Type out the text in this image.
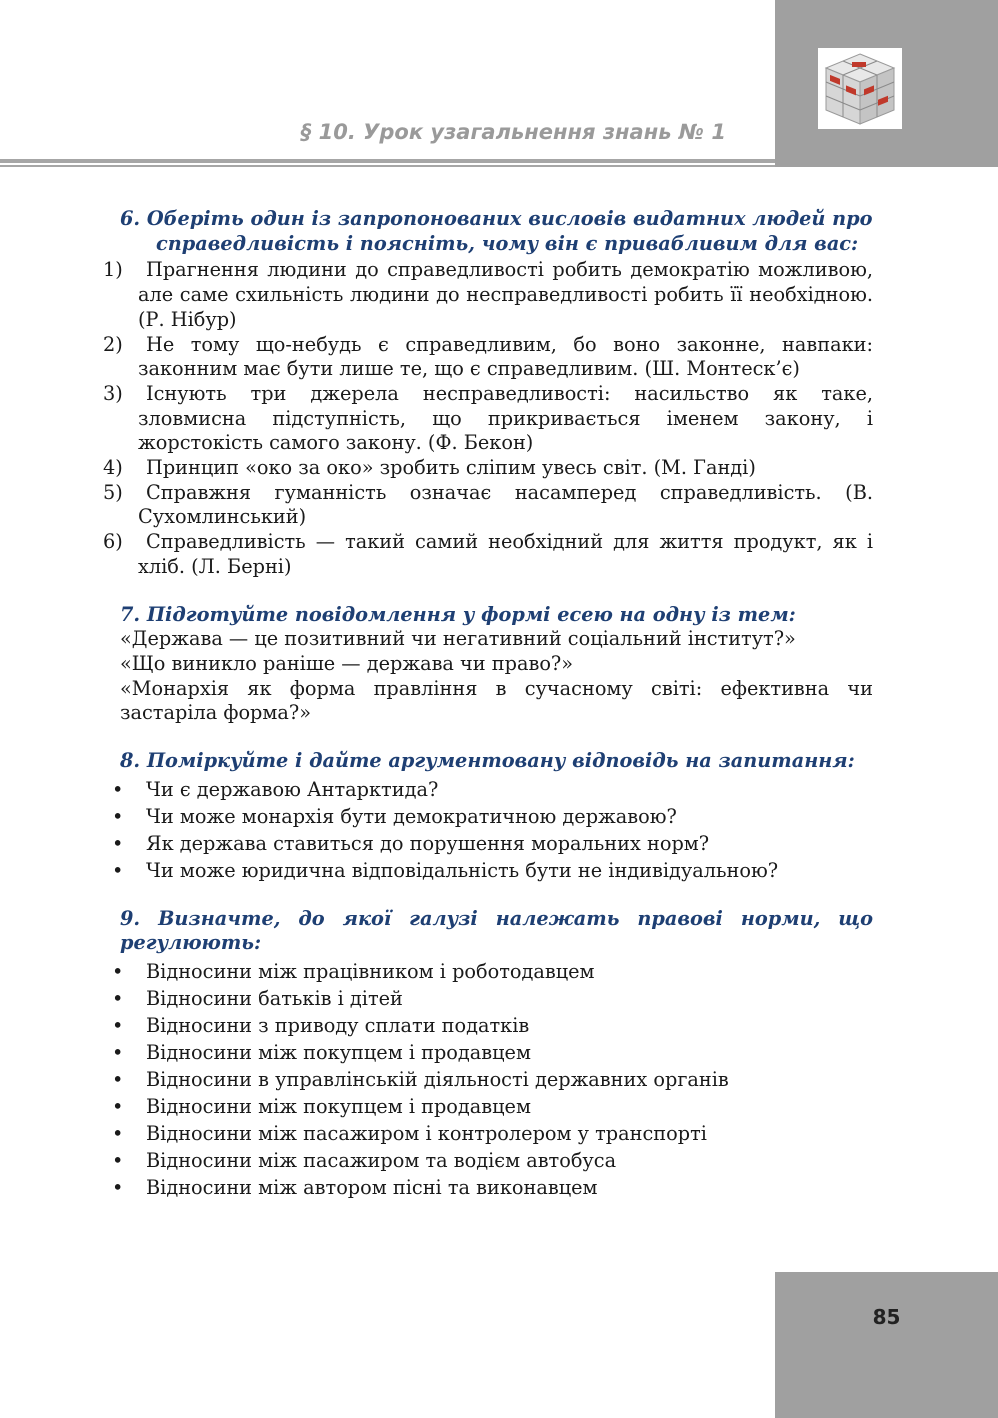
§ 10. Урок узагальнення знань № 1
6. Оберіть один із запропонованих висловів видатних людей про
справедливість і поясніть, чому він є привабливим для вас:
1) Прагнення людини до справедливості робить демократію можливою, але саме схильність людини до несправедливості робить її необхідною. (Р. Нібур)
2) Не тому що-небудь є справедливим, бо воно законне, навпаки: законним має бути лише те, що є справедливим. (Ш. Монтеск’є)
3) Існують три джерела несправедливості: насильство як таке, зловмисна підступність, що прикривається іменем закону, і жорстокість самого закону. (Ф. Бекон)
4) Принцип «око за око» зробить сліпим увесь світ. (М. Ганді)
5) Справжня гуманність означає насамперед справедливість. (В. Сухомлинський)
6) Справедливість — такий самий необхідний для життя продукт, як і хліб. (Л. Берні)
7. Підготуйте повідомлення у формі есею на одну із тем:
«Держава — це позитивний чи негативний соціальний інститут?»
«Що виникло раніше — держава чи право?»
«Монархія як форма правління в сучасному світі: ефективна чи застаріла форма?»
8. Поміркуйте і дайте аргументовану відповідь на запитання:
• Чи є державою Антарктида?
• Чи може монархія бути демократичною державою?
• Як держава ставиться до порушення моральних норм?
• Чи може юридична відповідальність бути не індивідуальною?
9. Визначте, до якої галузі належать правові норми, що регулюють:
• Відносини між працівником і роботодавцем
• Відносини батьків і дітей
• Відносини з приводу сплати податків
• Відносини між покупцем і продавцем
• Відносини в управлінській діяльності державних органів
• Відносини між покупцем і продавцем
• Відносини між пасажиром і контролером у транспорті
• Відносини між пасажиром та водієм автобуса
• Відносини між автором пісні та виконавцем
85
